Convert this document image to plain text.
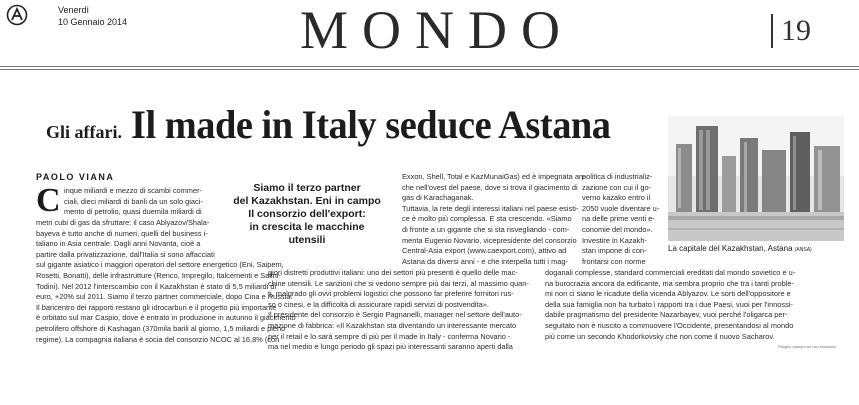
Venerdì
10 Gennaio 2014	MONDO	19
Gli affari. Il made in Italy seduce Astana
PAOLO VIANA
C inque miliardi e mezzo di scambi commer-

ciali, dieci miliardi di barili da un solo giaci-

mento di petrolio, quasi duemila miliardi di

metri cubi di gas da sfruttare: il caso Ablyazov/Shala-

bayeva è tutto anche di numeri, quelli del business i-

taliano in Asia centrale. Dagli anni Novanta, cioè a

partire dalla privatizzazione, dall'Italia si sono affacciati

sul gigante asiatico i maggiori operatori del settore energetico (Eni, Saipem,

Rosetti, Bonatti), delle infrastrutture (Renco, Impregilo, Italcementi e Salini-

Todini). Nel 2012 l'interscambio con il Kazakhstan è stato di 5,5 miliardi di

euro, +20% sul 2011. Siamo il terzo partner commerciale, dopo Cina e Russia.

Il baricentro dei rapporti restano gli idrocarburi e il progetto più importante

è orbitato sul mar Caspio, dove è entrato in produzione in autunno il giacimento

petrolifero offshore di Kashagan (370mila barili al giorno, 1,5 miliardi e pieno

regime). La compagnia italiana è socia del consorzio NCOC al 16,8% (con

Siamo il terzo partner

del Kazakhstan. Eni in campo

Il consorzio dell'export:

in crescita le macchine utensili

Exxon, Shell, Total e KazMunaiGas) ed è impegnata an-

che nell'ovest del paese, dove si trova il giacimento di

gas di Karachaganak.

Tuttavia, la rete degli interessi italiani nel paese esisti-

ce è molto più complessa. E sta crescendo. «Siamo

di fronte a un gigante che si sta risvegliando - com-

menta Eugenio Novario, vicepresidente del consorzio

Central-Asia export (www.caexport.com), attivo ad

Astana da diversi anni - e che interpella tutti i mag-

giori distretti produttivi italiani: uno dei settori più presenti è quello delle mac-

chine utensili. Le sanzioni che si vedono sempre più dai terzi, al massimo quan-

ti, malgrado gli ovvi problemi logistici che possono far preferire fornitori rus-

so o cinesi, e la difficoltà di assicurare rapidi servizi di postvendita».

Il presidente del consorzio è Sergio Pagnanelli, manager nel settore dell'auto-

mazione di fabbrica: «Il Kazakhstan sta diventando un interessante mercato

per il retail e lo sarà sempre di più per il made in Italy - conferma Novario -

ma nel medio e lungo periodo gli spazi più interessanti saranno aperti dalla

politica di industrializ-

zazione con cui il go-

verno kazako entro il

2050 vuole diventare u-

na delle prime venti e-

conomie del mondo».

Investire in Kazakh-

stan impone di con-

frontarsi con norme

doganali complesse, standard commerciali ereditati dal mondo sovietico e u-

na burocrazia ancora da edificante, ma sembra proprio che tra i tanti proble-

mi non ci siano le ricadute della vicenda Ablyazov. Le sorti dell'oppositore e

della sua famiglia non ha turbato i rapporti tra i due Paesi, vuoi per l'innossi-

dabile pragmatismo del presidente Nazarbayev, vuoi perché l'oligarca per-

seguitato non è riuscito a commuovere l'Occidente, presentandosi al mondo

più come un secondo Khodorkovsky che non come il nuovo Sacharov.

La capitale del Kazakhstan, Astana (ANSA)
Ritaglio stampa ad uso esclusivo
